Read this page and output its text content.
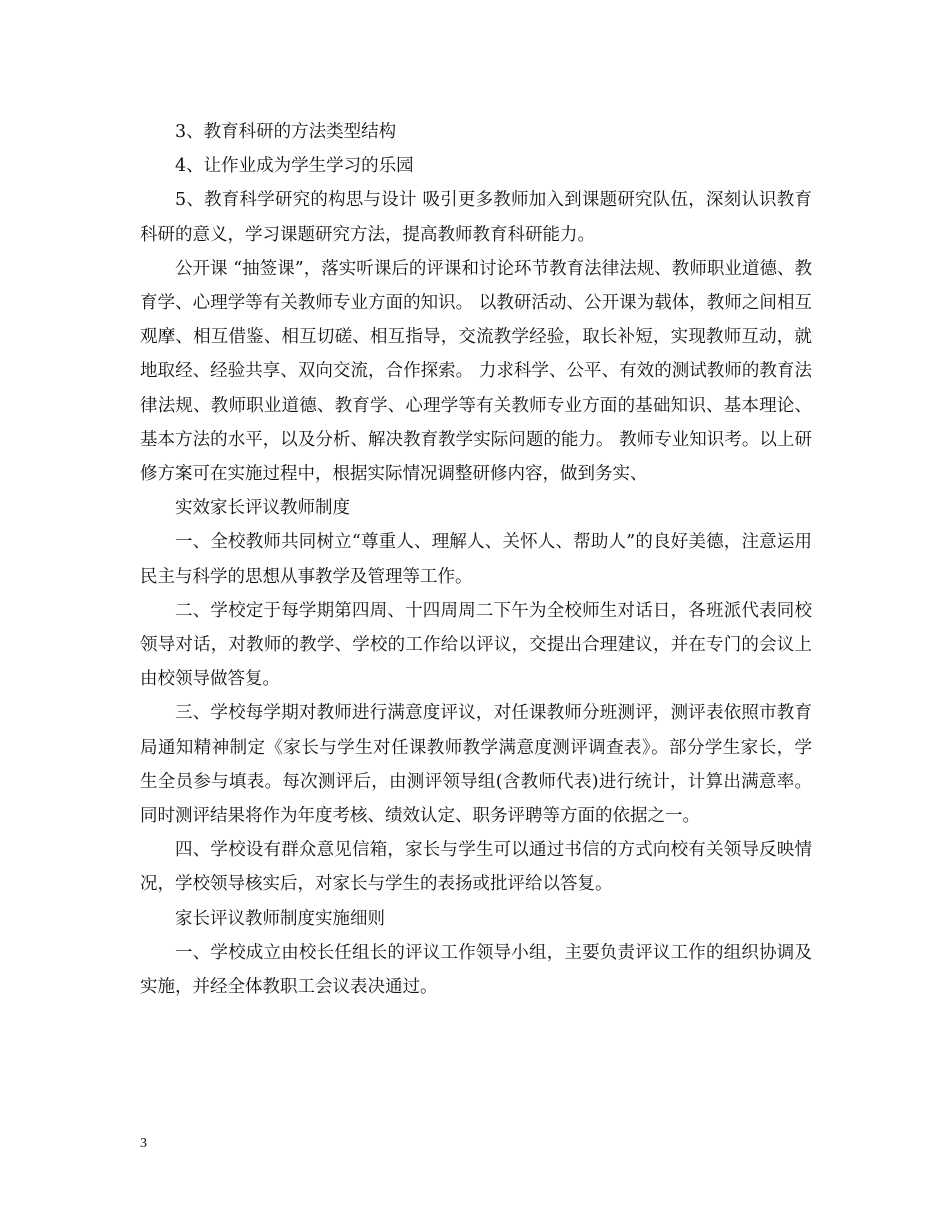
3、教育科研的方法类型结构

4、让作业成为学生学习的乐园

5、教育科学研究的构思与设计 吸引更多教师加入到课题研究队伍，深刻认识教育科研的意义，学习课题研究方法，提高教师教育科研能力。

公开课 “抽签课”，落实听课后的评课和讨论环节教育法律法规、教师职业道德、教育学、心理学等有关教师专业方面的知识。 以教研活动、公开课为载体，教师之间相互观摩、相互借鉴、相互切磋、相互指导，交流教学经验，取长补短，实现教师互动，就地取经、经验共享、双向交流，合作探索。 力求科学、公平、有效的测试教师的教育法律法规、教师职业道德、教育学、心理学等有关教师专业方面的基础知识、基本理论、基本方法的水平，以及分析、解决教育教学实际问题的能力。 教师专业知识考。以上研修方案可在实施过程中，根据实际情况调整研修内容，做到务实、

实效家长评议教师制度

一、全校教师共同树立“尊重人、理解人、关怀人、帮助人”的良好美德，注意运用民主与科学的思想从事教学及管理等工作。

二、学校定于每学期第四周、十四周周二下午为全校师生对话日，各班派代表同校领导对话，对教师的教学、学校的工作给以评议，交提出合理建议，并在专门的会议上由校领导做答复。

三、学校每学期对教师进行满意度评议，对任课教师分班测评，测评表依照市教育局通知精神制定《家长与学生对任课教师教学满意度测评调查表》。部分学生家长，学生全员参与填表。每次测评后，由测评领导组(含教师代表)进行统计，计算出满意率。同时测评结果将作为年度考核、绩效认定、职务评聘等方面的依据之一。

四、学校设有群众意见信箱，家长与学生可以通过书信的方式向校有关领导反映情况，学校领导核实后，对家长与学生的表扬或批评给以答复。

家长评议教师制度实施细则

一、学校成立由校长任组长的评议工作领导小组，主要负责评议工作的组织协调及实施，并经全体教职工会议表决通过。

3
